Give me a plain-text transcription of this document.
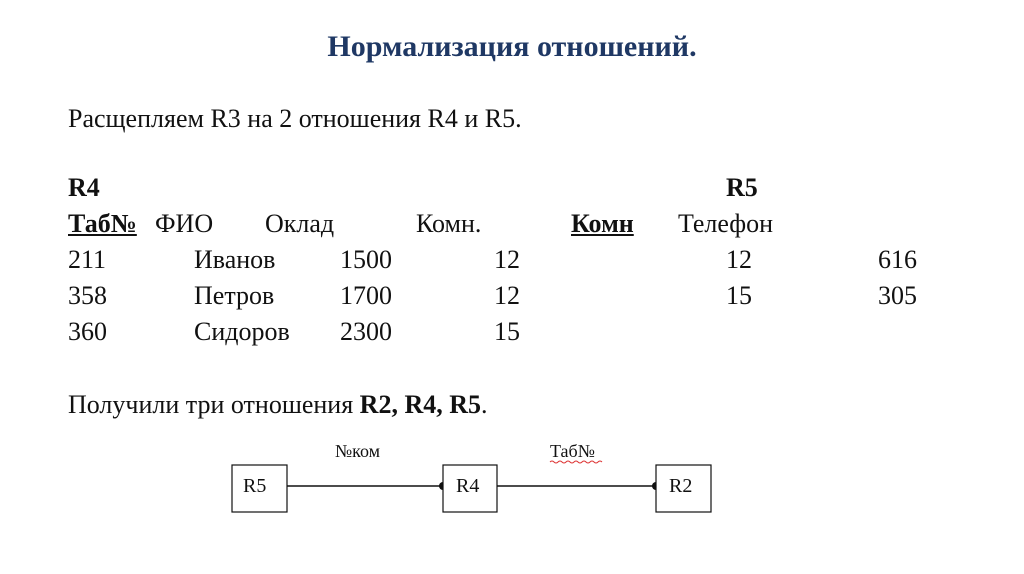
Нормализация отношений.
Расщепляем R3 на 2 отношения R4 и R5.
R4
Таб№ ФИО Оклад	Комн.
211	Иванов 1500	12
358	Петров	1700	12
360	Сидоров 2300	15
R5
Комн Телефон
12	616
15	305
Получили три отношения R2, R4, R5.
R5	R4	R2
№ком	Таб№
